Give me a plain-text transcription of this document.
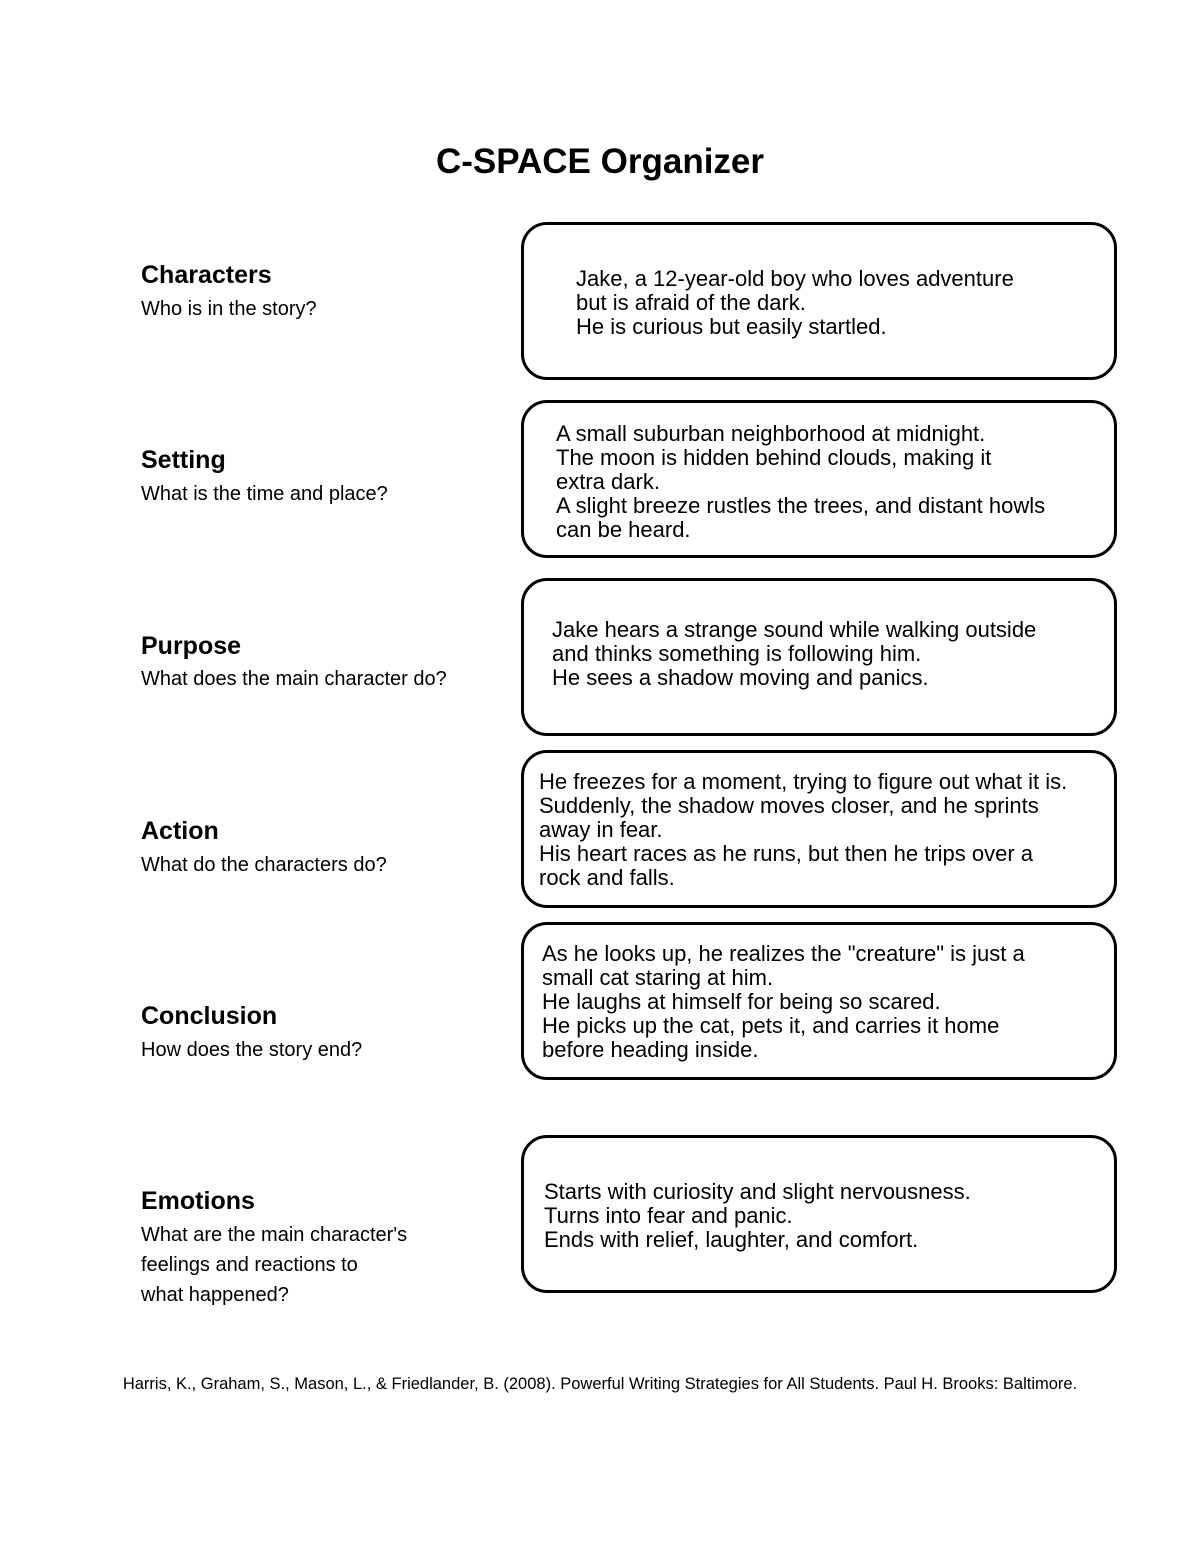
C-SPACE Organizer
Characters
Who is in the story?
Jake, a 12-year-old boy who loves adventure
but is afraid of the dark.
He is curious but easily startled.
Setting
What is the time and place?
A small suburban neighborhood at midnight.
The moon is hidden behind clouds, making it
extra dark.
A slight breeze rustles the trees, and distant howls
can be heard.
Purpose
What does the main character do?
Jake hears a strange sound while walking outside
and thinks something is following him.
He sees a shadow moving and panics.
Action
What do the characters do?
He freezes for a moment, trying to figure out what it is.
Suddenly, the shadow moves closer, and he sprints
away in fear.
His heart races as he runs, but then he trips over a
rock and falls.
Conclusion
How does the story end?
As he looks up, he realizes the "creature" is just a
small cat staring at him.
He laughs at himself for being so scared.
He picks up the cat, pets it, and carries it home
before heading inside.
Emotions
What are the main character's
feelings and reactions to
what happened?
Starts with curiosity and slight nervousness.
Turns into fear and panic.
Ends with relief, laughter, and comfort.
Harris, K., Graham, S., Mason, L., & Friedlander, B. (2008). Powerful Writing Strategies for All Students. Paul H. Brooks: Baltimore.
